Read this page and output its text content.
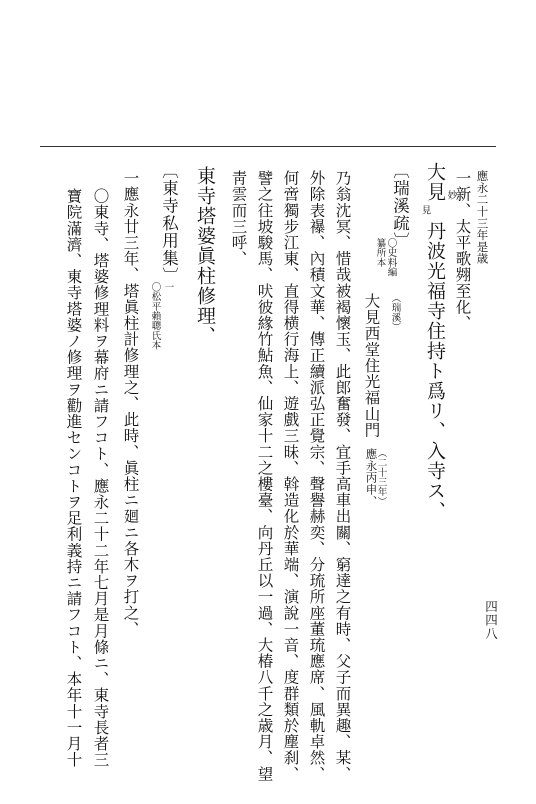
應永二十三年是歳
一新、太平歌翙至化、
大見 妙
見
丹波光福寺住持ト爲リ、入寺ス、
〔瑞溪疏〕
〇史料編
纂所本
（瑞溪）
大見西堂住光福山門
（二十三年）
應永丙申、
乃翁沈冥、惜哉被褐懷玉、此郎奮發、宜手高車出關、窮達之有時、父子而異趣、某、
外除表襮、內積文華、傳正續派弘正覺宗、聲譽赫奕、分琉所座董琉應席、風軌卓然、
何啻獨步江東、直得横行海上、遊戲三昧、斡造化於華端、演說一音、度群類於塵刹、
譬之往坡駿馬、吠彼緣竹鮎魚、仙家十二之樓臺、向丹丘以一過、大椿八千之歳月、望
靑雲而三呼、
東寺塔婆眞柱修理、
〔東寺私用集〕
一
〇松平賴聰氏本
一應永廿三年、塔眞柱計修理之、此時、眞柱ニ廻ニ各木ヲ打之、
〇東寺、塔婆修理料ヲ幕府ニ請フコト、應永二十二年七月是月條ニ、東寺長者三
寶院滿濟、東寺塔婆ノ修理ヲ勸進センコトヲ足利義持ニ請フコト、本年十一月十	四四八
